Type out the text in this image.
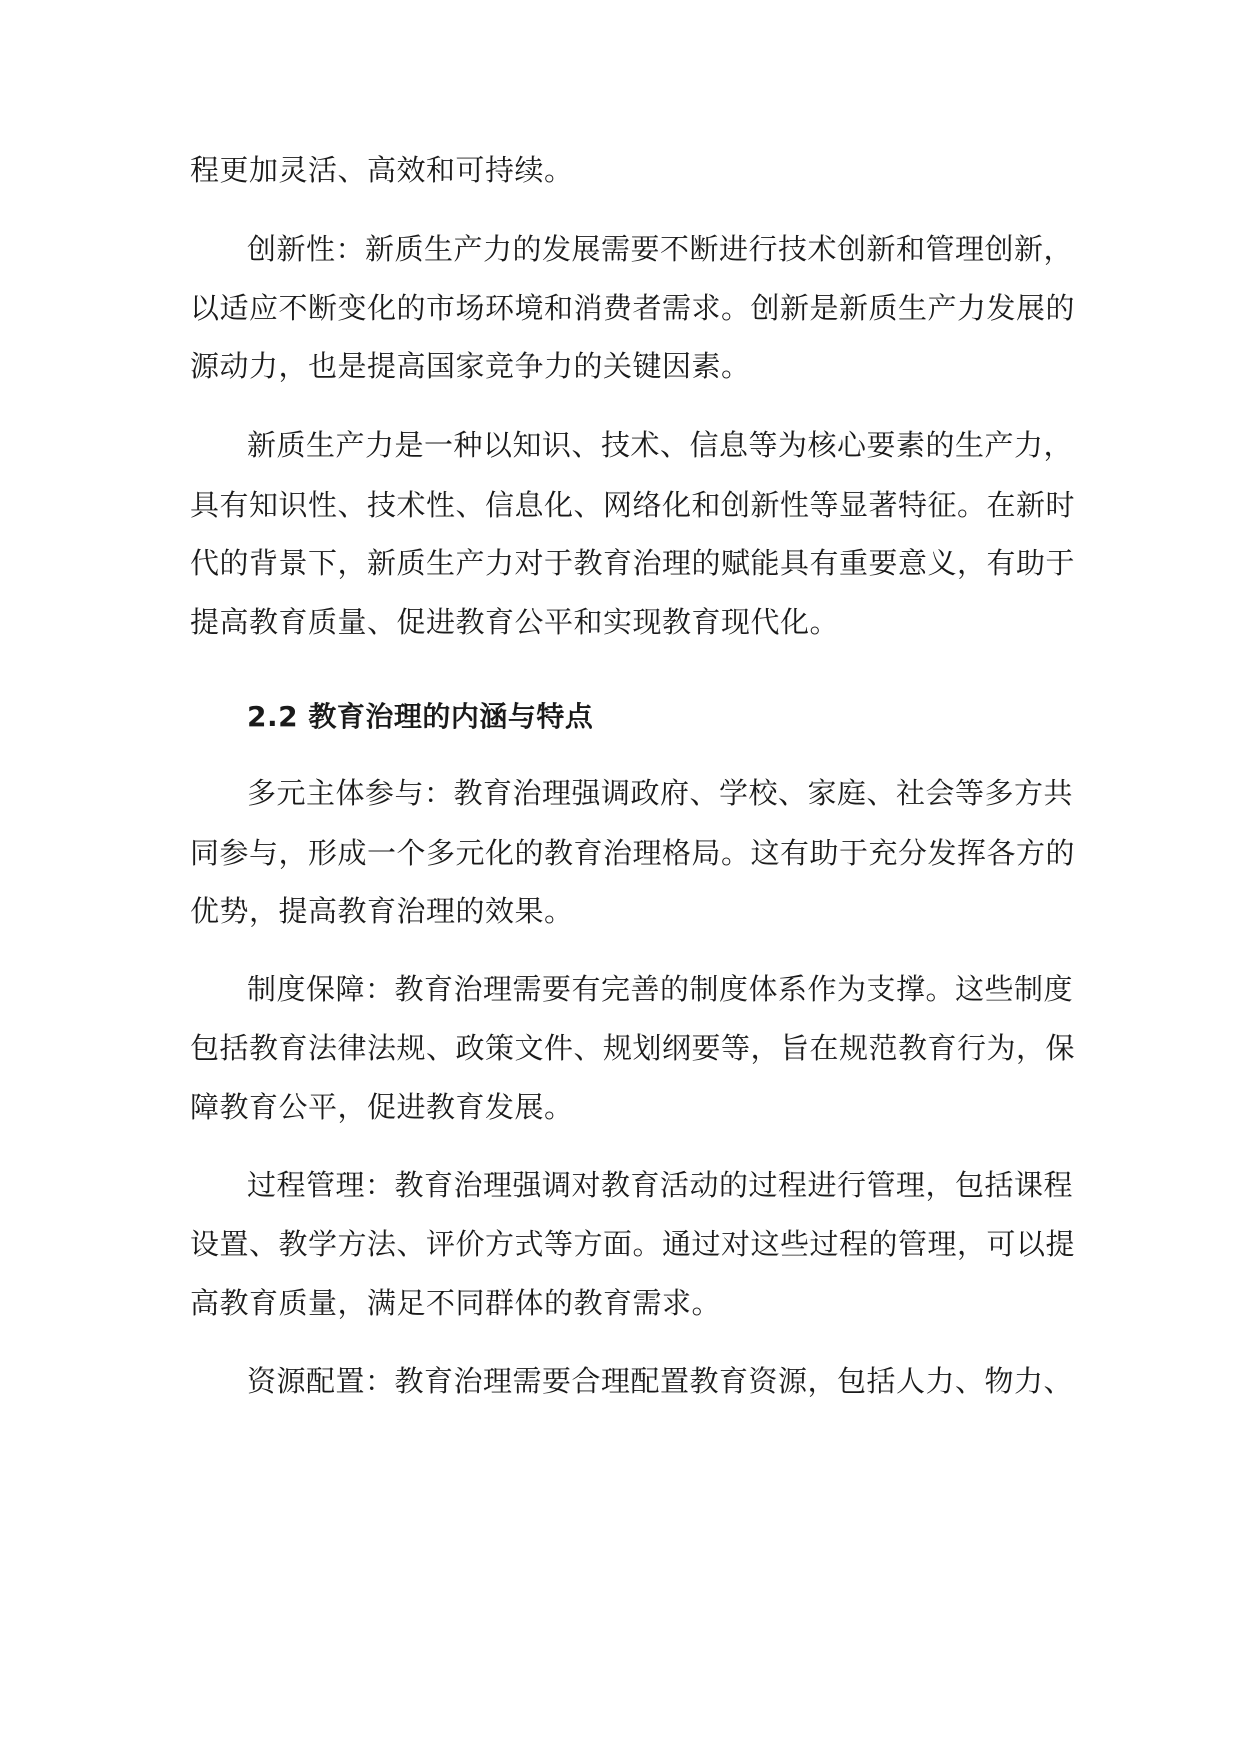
程更加灵活、高效和可持续。
创新性：新质生产力的发展需要不断进行技术创新和管理创新，
以适应不断变化的市场环境和消费者需求。创新是新质生产力发展的
源动力，也是提高国家竞争力的关键因素。
新质生产力是一种以知识、技术、信息等为核心要素的生产力，
具有知识性、技术性、信息化、网络化和创新性等显著特征。在新时
代的背景下，新质生产力对于教育治理的赋能具有重要意义，有助于
提高教育质量、促进教育公平和实现教育现代化。
2.2 教育治理的内涵与特点
多元主体参与：教育治理强调政府、学校、家庭、社会等多方共
同参与，形成一个多元化的教育治理格局。这有助于充分发挥各方的
优势，提高教育治理的效果。
制度保障：教育治理需要有完善的制度体系作为支撑。这些制度
包括教育法律法规、政策文件、规划纲要等，旨在规范教育行为，保
障教育公平，促进教育发展。
过程管理：教育治理强调对教育活动的过程进行管理，包括课程
设置、教学方法、评价方式等方面。通过对这些过程的管理，可以提
高教育质量，满足不同群体的教育需求。
资源配置：教育治理需要合理配置教育资源，包括人力、物力、
